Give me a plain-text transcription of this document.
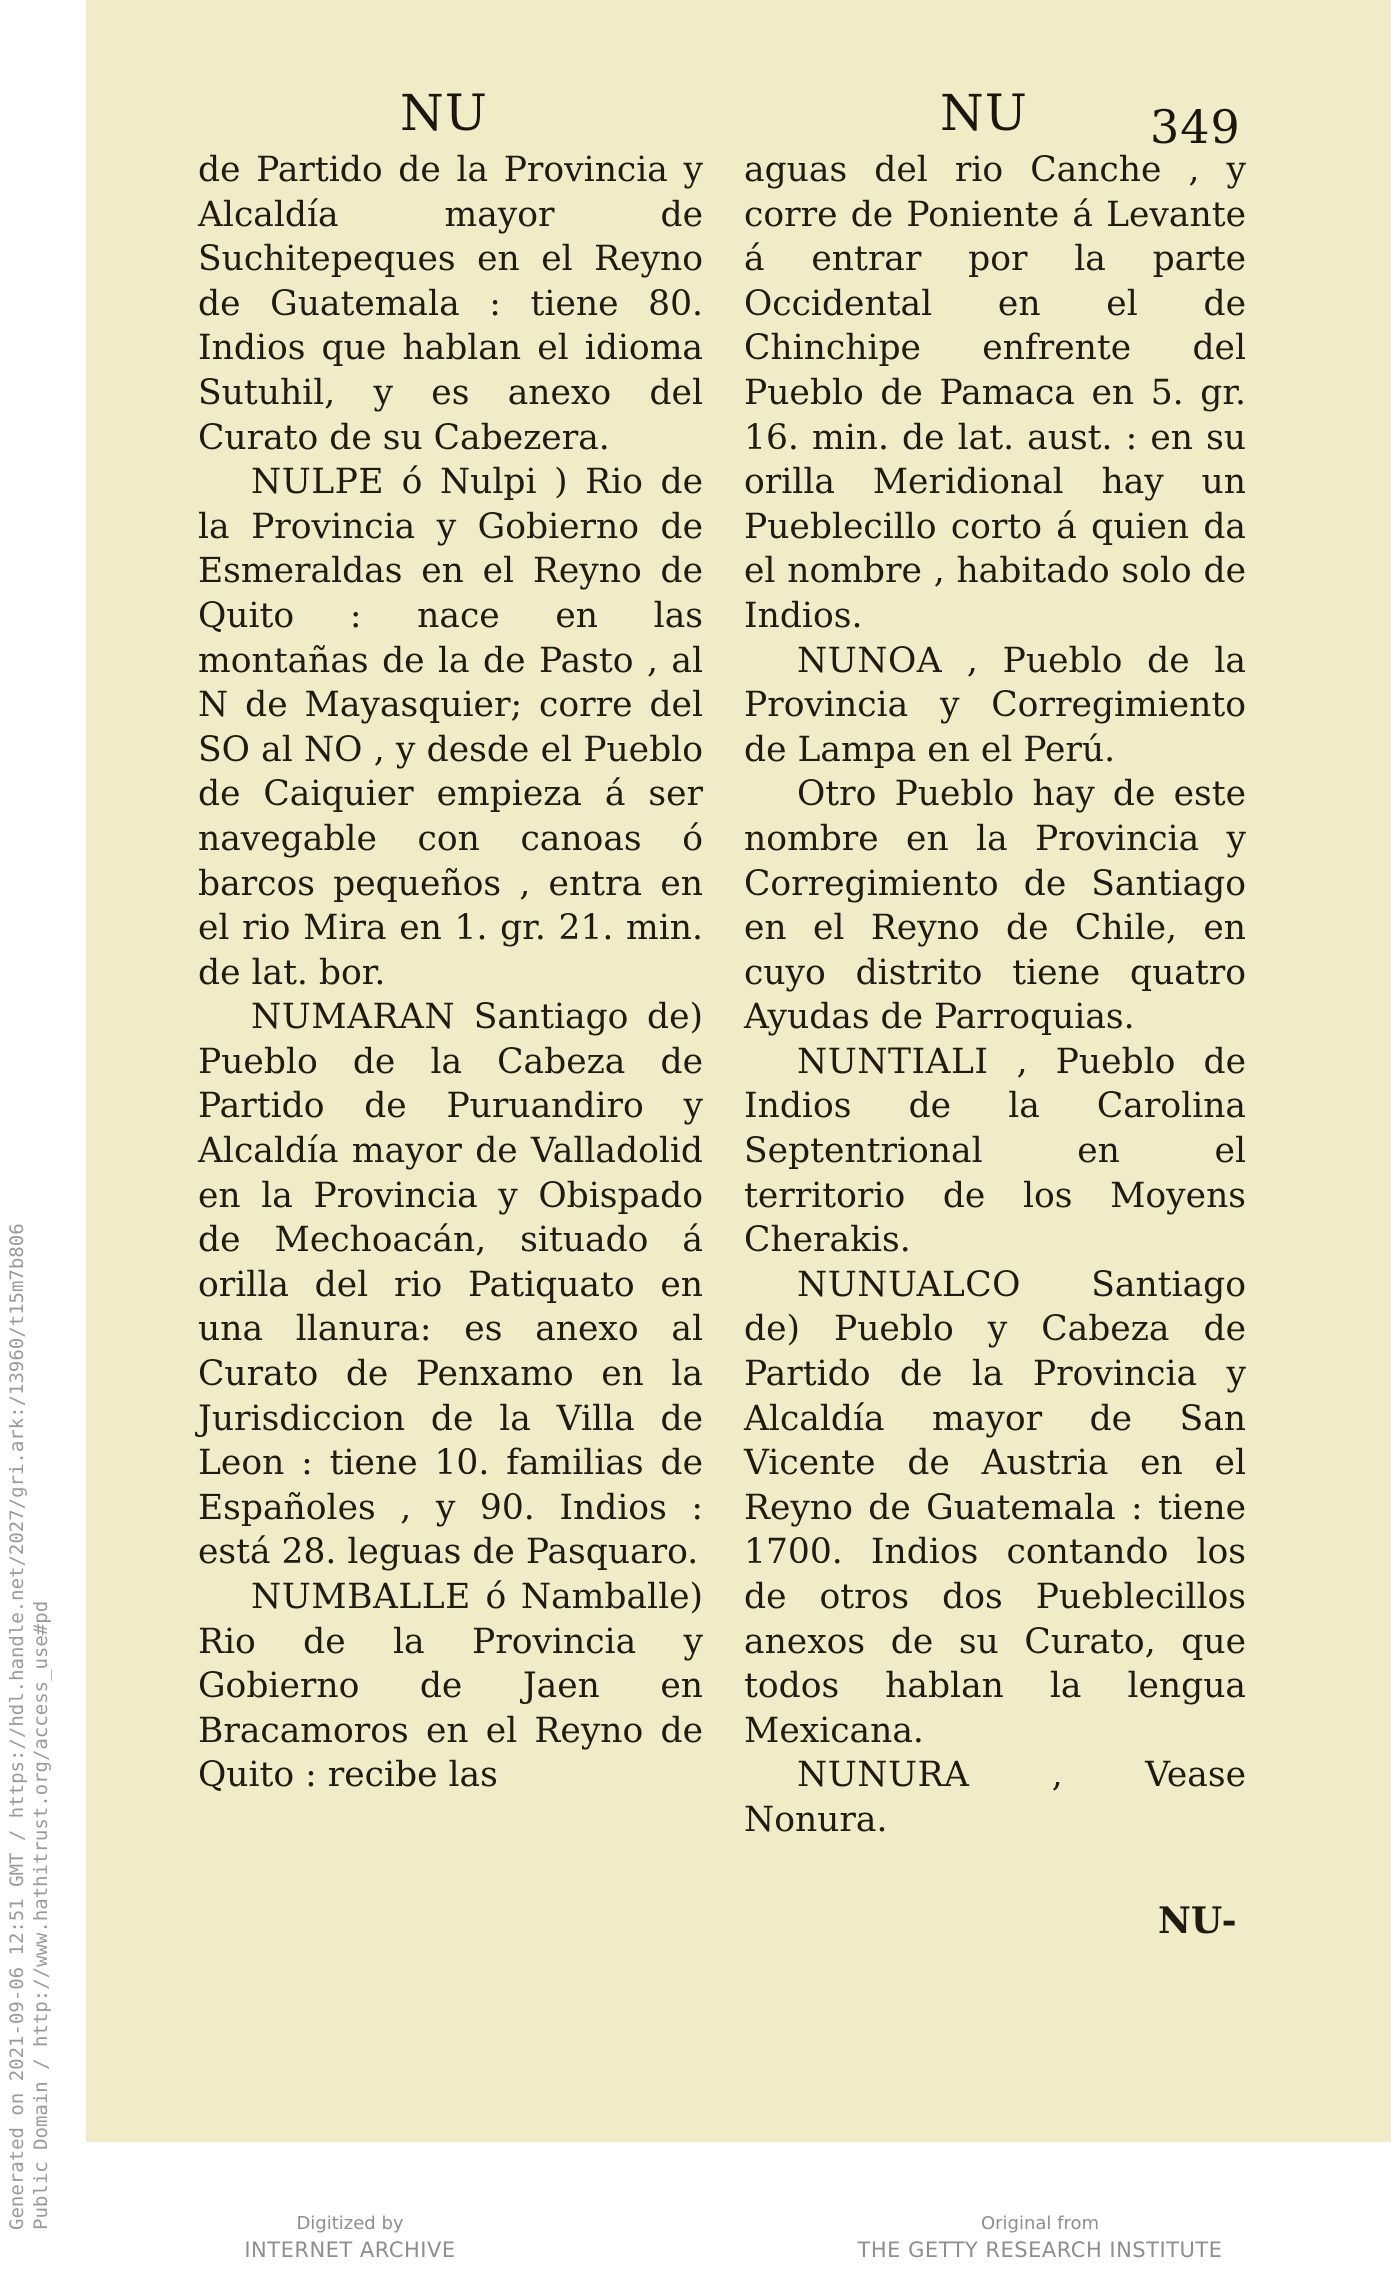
Generated on 2021-09-06 12:51 GMT / https://hdl.handle.net/2027/gri.ark:/13960/t15m7b806 Public Domain / http://www.hathitrust.org/access_use#pd
NU	NU	349

de Partido de la Provincia y Alcaldía mayor de Suchitepeques en el Reyno de Guatemala : tiene 80. Indios que hablan el idioma Sutuhil, y es anexo del Curato de su Cabezera.

NULPE ó Nulpi ) Rio de la Provincia y Gobierno de Esmeraldas en el Reyno de Quito : nace en las montañas de la de Pasto , al N de Mayasquier; corre del SO al NO , y desde el Pueblo de Caiquier empieza á ser navegable con canoas ó barcos pequeños , entra en el rio Mira en 1. gr. 21. min. de lat. bor.

NUMARAN Santiago de) Pueblo de la Cabeza de Partido de Puruandiro y Alcaldía mayor de Valladolid en la Provincia y Obispado de Mechoacán, situado á orilla del rio Patiquato en una llanura: es anexo al Curato de Penxamo en la Jurisdiccion de la Villa de Leon : tiene 10. familias de Españoles , y 90. Indios : está 28. leguas de Pasquaro.

NUMBALLE ó Namballe) Rio de la Provincia y Gobierno de Jaen en Bracamoros en el Reyno de Quito : recibe las

aguas del rio Canche , y corre de Poniente á Levante á entrar por la parte Occidental en el de Chinchipe enfrente del Pueblo de Pamaca en 5. gr. 16. min. de lat. aust. : en su orilla Meridional hay un Pueblecillo corto á quien da el nombre , habitado solo de Indios.

NUNOA , Pueblo de la Provincia y Corregimiento de Lampa en el Perú.

Otro Pueblo hay de este nombre en la Provincia y Corregimiento de Santiago en el Reyno de Chile, en cuyo distrito tiene quatro Ayudas de Parroquias.

NUNTIALI , Pueblo de Indios de la Carolina Septentrional en el territorio de los Moyens Cherakis.

NUNUALCO Santiago de) Pueblo y Cabeza de Partido de la Provincia y Alcaldía mayor de San Vicente de Austria en el Reyno de Guatemala : tiene 1700. Indios contando los de otros dos Pueblecillos anexos de su Curato, que todos hablan la lengua Mexicana.

NUNURA , Vease Nonura.

NU-
Digitized by
INTERNET ARCHIVE
Original from
THE GETTY RESEARCH INSTITUTE
